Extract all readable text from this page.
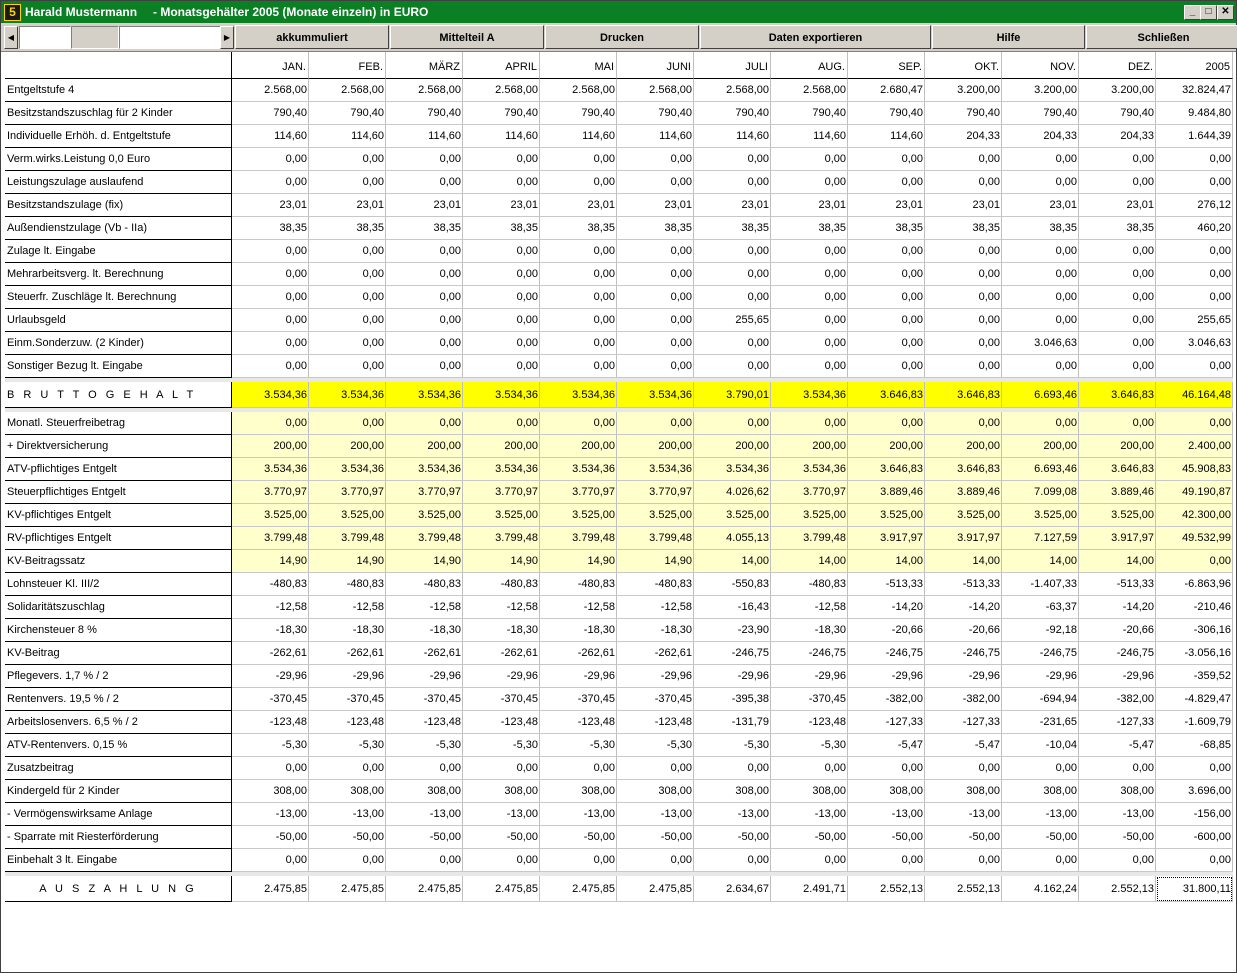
5 Harald Mustermann - Monatsgehälter 2005 (Monate einzeln) in EURO	_	□ ✕
◀	▶	akkummuliert	Mittelteil A	Drucken	Daten exportieren	Hilfe	Schließen
JAN.	FEB.	MÄRZ	APRIL	MAI	JUNI	JULI	AUG.	SEP.	OKT.	NOV.	DEZ.	2005
Entgeltstufe 4	2.568,00	2.568,00	2.568,00	2.568,00	2.568,00	2.568,00	2.568,00	2.568,00	2.680,47	3.200,00	3.200,00	3.200,00	32.824,47
Besitzstandszuschlag für 2 Kinder	790,40	790,40	790,40	790,40	790,40	790,40	790,40	790,40	790,40	790,40	790,40	790,40	9.484,80
Individuelle Erhöh. d. Entgeltstufe	114,60	114,60	114,60	114,60	114,60	114,60	114,60	114,60	114,60	204,33	204,33	204,33	1.644,39
Verm.wirks.Leistung 0,0 Euro	0,00	0,00	0,00	0,00	0,00	0,00	0,00	0,00	0,00	0,00	0,00	0,00	0,00
Leistungszulage auslaufend	0,00	0,00	0,00	0,00	0,00	0,00	0,00	0,00	0,00	0,00	0,00	0,00	0,00
Besitzstandszulage (fix)	23,01	23,01	23,01	23,01	23,01	23,01	23,01	23,01	23,01	23,01	23,01	23,01	276,12
Außendienstzulage (Vb - IIa)	38,35	38,35	38,35	38,35	38,35	38,35	38,35	38,35	38,35	38,35	38,35	38,35	460,20
Zulage lt. Eingabe	0,00	0,00	0,00	0,00	0,00	0,00	0,00	0,00	0,00	0,00	0,00	0,00	0,00
Mehrarbeitsverg. lt. Berechnung	0,00	0,00	0,00	0,00	0,00	0,00	0,00	0,00	0,00	0,00	0,00	0,00	0,00
Steuerfr. Zuschläge lt. Berechnung	0,00	0,00	0,00	0,00	0,00	0,00	0,00	0,00	0,00	0,00	0,00	0,00	0,00
Urlaubsgeld	0,00	0,00	0,00	0,00	0,00	0,00	255,65	0,00	0,00	0,00	0,00	0,00	255,65
Einm.Sonderzuw. (2 Kinder)	0,00	0,00	0,00	0,00	0,00	0,00	0,00	0,00	0,00	0,00	3.046,63	0,00	3.046,63
Sonstiger Bezug lt. Eingabe	0,00	0,00	0,00	0,00	0,00	0,00	0,00	0,00	0,00	0,00	0,00	0,00	0,00
B R U T T O G E H A L T	3.534,36	3.534,36	3.534,36	3.534,36	3.534,36	3.534,36	3.790,01	3.534,36	3.646,83	3.646,83	6.693,46	3.646,83	46.164,48
Monatl. Steuerfreibetrag	0,00	0,00	0,00	0,00	0,00	0,00	0,00	0,00	0,00	0,00	0,00	0,00	0,00
+ Direktversicherung	200,00	200,00	200,00	200,00	200,00	200,00	200,00	200,00	200,00	200,00	200,00	200,00	2.400,00
ATV-pflichtiges Entgelt	3.534,36	3.534,36	3.534,36	3.534,36	3.534,36	3.534,36	3.534,36	3.534,36	3.646,83	3.646,83	6.693,46	3.646,83	45.908,83
Steuerpflichtiges Entgelt	3.770,97	3.770,97	3.770,97	3.770,97	3.770,97	3.770,97	4.026,62	3.770,97	3.889,46	3.889,46	7.099,08	3.889,46	49.190,87
KV-pflichtiges Entgelt	3.525,00	3.525,00	3.525,00	3.525,00	3.525,00	3.525,00	3.525,00	3.525,00	3.525,00	3.525,00	3.525,00	3.525,00	42.300,00
RV-pflichtiges Entgelt	3.799,48	3.799,48	3.799,48	3.799,48	3.799,48	3.799,48	4.055,13	3.799,48	3.917,97	3.917,97	7.127,59	3.917,97	49.532,99
KV-Beitragssatz	14,90	14,90	14,90	14,90	14,90	14,90	14,00	14,00	14,00	14,00	14,00	14,00	0,00
Lohnsteuer Kl. III/2	-480,83	-480,83	-480,83	-480,83	-480,83	-480,83	-550,83	-480,83	-513,33	-513,33	-1.407,33	-513,33	-6.863,96
Solidaritätszuschlag	-12,58	-12,58	-12,58	-12,58	-12,58	-12,58	-16,43	-12,58	-14,20	-14,20	-63,37	-14,20	-210,46
Kirchensteuer 8 %	-18,30	-18,30	-18,30	-18,30	-18,30	-18,30	-23,90	-18,30	-20,66	-20,66	-92,18	-20,66	-306,16
KV-Beitrag	-262,61	-262,61	-262,61	-262,61	-262,61	-262,61	-246,75	-246,75	-246,75	-246,75	-246,75	-246,75	-3.056,16
Pflegevers. 1,7 % / 2	-29,96	-29,96	-29,96	-29,96	-29,96	-29,96	-29,96	-29,96	-29,96	-29,96	-29,96	-29,96	-359,52
Rentenvers. 19,5 % / 2	-370,45	-370,45	-370,45	-370,45	-370,45	-370,45	-395,38	-370,45	-382,00	-382,00	-694,94	-382,00	-4.829,47
Arbeitslosenvers. 6,5 % / 2	-123,48	-123,48	-123,48	-123,48	-123,48	-123,48	-131,79	-123,48	-127,33	-127,33	-231,65	-127,33	-1.609,79
ATV-Rentenvers. 0,15 %	-5,30	-5,30	-5,30	-5,30	-5,30	-5,30	-5,30	-5,30	-5,47	-5,47	-10,04	-5,47	-68,85
Zusatzbeitrag	0,00	0,00	0,00	0,00	0,00	0,00	0,00	0,00	0,00	0,00	0,00	0,00	0,00
Kindergeld für 2 Kinder	308,00	308,00	308,00	308,00	308,00	308,00	308,00	308,00	308,00	308,00	308,00	308,00	3.696,00
- Vermögenswirksame Anlage	-13,00	-13,00	-13,00	-13,00	-13,00	-13,00	-13,00	-13,00	-13,00	-13,00	-13,00	-13,00	-156,00
- Sparrate mit Riesterförderung	-50,00	-50,00	-50,00	-50,00	-50,00	-50,00	-50,00	-50,00	-50,00	-50,00	-50,00	-50,00	-600,00
Einbehalt 3 lt. Eingabe	0,00	0,00	0,00	0,00	0,00	0,00	0,00	0,00	0,00	0,00	0,00	0,00	0,00
A U S Z A H L U N G	2.475,85	2.475,85	2.475,85	2.475,85	2.475,85	2.475,85	2.634,67	2.491,71	2.552,13	2.552,13	4.162,24	2.552,13	31.800,11
